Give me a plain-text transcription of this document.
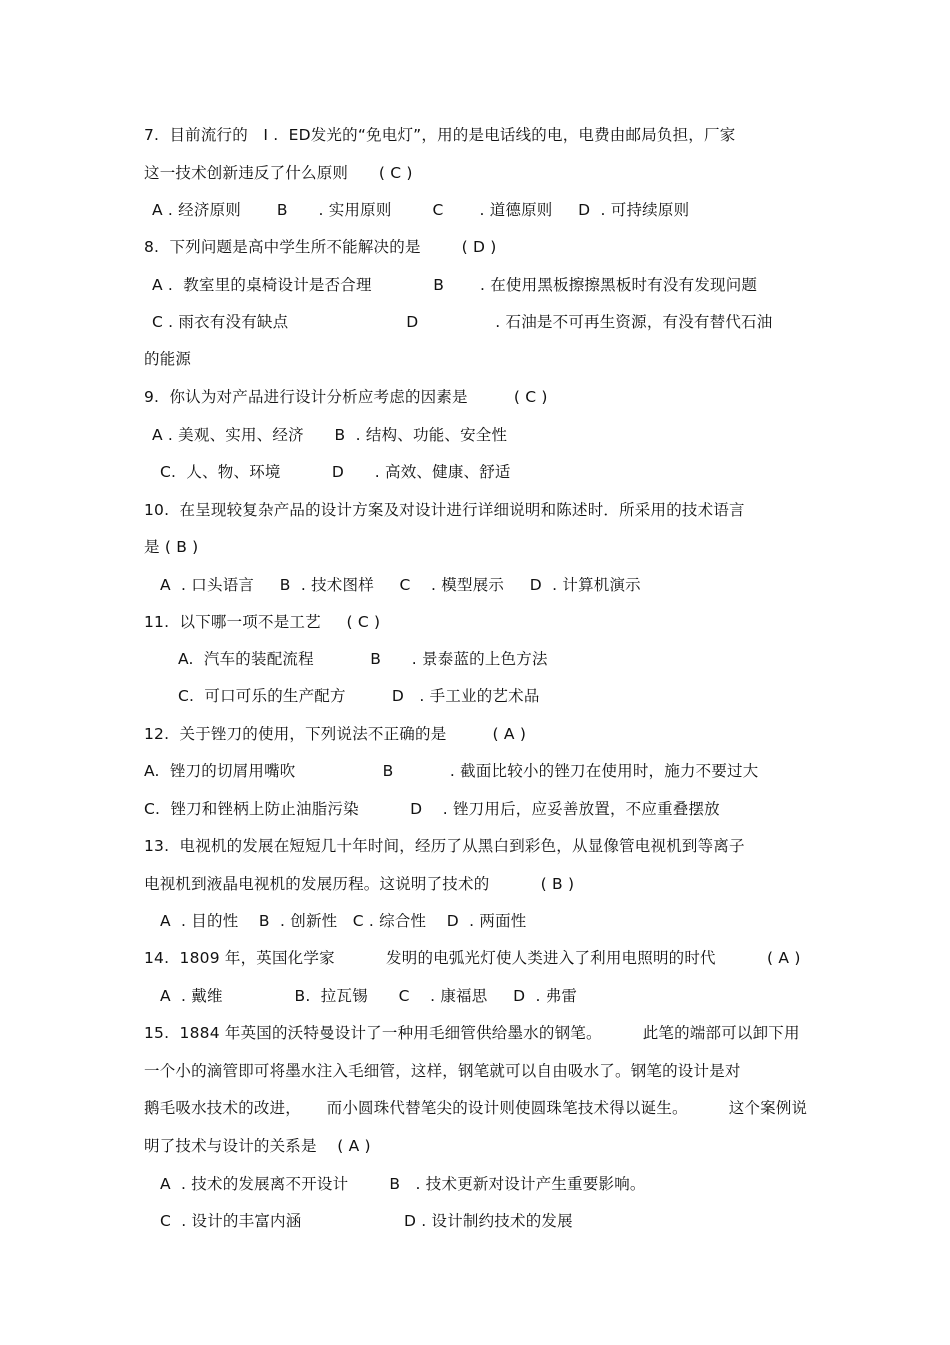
7.  目前流行的   I .  ED发光的“免电灯”，用的是电话线的电，电费由邮局负担，厂家
这一技术创新违反了什么原则      ( C )
A . 经济原则       B      . 实用原则        C       . 道德原则     D  . 可持续原则
8.  下列问题是高中学生所不能解决的是        ( D )
A .  教室里的桌椅设计是否合理            B       . 在使用黑板擦擦黑板时有没有发现问题
C . 雨衣有没有缺点                       D               . 石油是不可再生资源，有没有替代石油
的能源
9.  你认为对产品进行设计分析应考虑的因素是         ( C )
A . 美观、实用、经济      B  . 结构、功能、安全性
C.  人、物、环境          D      . 高效、健康、舒适
10.  在呈现较复杂产品的设计方案及对设计进行详细说明和陈述时．所采用的技术语言
是 ( B )
A  . 口头语言     B  . 技术图样     C    . 模型展示     D  . 计算机演示
11.  以下哪一项不是工艺     ( C )
A.  汽车的装配流程           B      . 景泰蓝的上色方法
C.  可口可乐的生产配方         D   . 手工业的艺术品
12.  关于锉刀的使用，下列说法不正确的是         ( A )
A.  锉刀的切屑用嘴吹                 B           . 截面比较小的锉刀在使用时，施力不要过大
C.  锉刀和锉柄上防止油脂污染          D    . 锉刀用后，应妥善放置，不应重叠摆放
13.  电视机的发展在短短几十年时间，经历了从黑白到彩色，从显像管电视机到等离子
电视机到液晶电视机的发展历程。这说明了技术的          ( B )
A  . 目的性    B  . 创新性   C . 综合性    D  . 两面性
14.  1809 年，英国化学家          发明的电弧光灯使人类进入了利用电照明的时代          ( A )
A  . 戴维              B.  拉瓦锡      C    . 康福思     D  . 弗雷
15.  1884 年英国的沃特曼设计了一种用毛细管供给墨水的钢笔。        此笔的端部可以卸下用
一个小的滴管即可将墨水注入毛细管，这样，钢笔就可以自由吸水了。钢笔的设计是对
鹅毛吸水技术的改进，     而小圆珠代替笔尖的设计则使圆珠笔技术得以诞生。        这个案例说
明了技术与设计的关系是    ( A )
A  . 技术的发展离不开设计        B   . 技术更新对设计产生重要影响。
C  . 设计的丰富内涵                    D . 设计制约技术的发展
